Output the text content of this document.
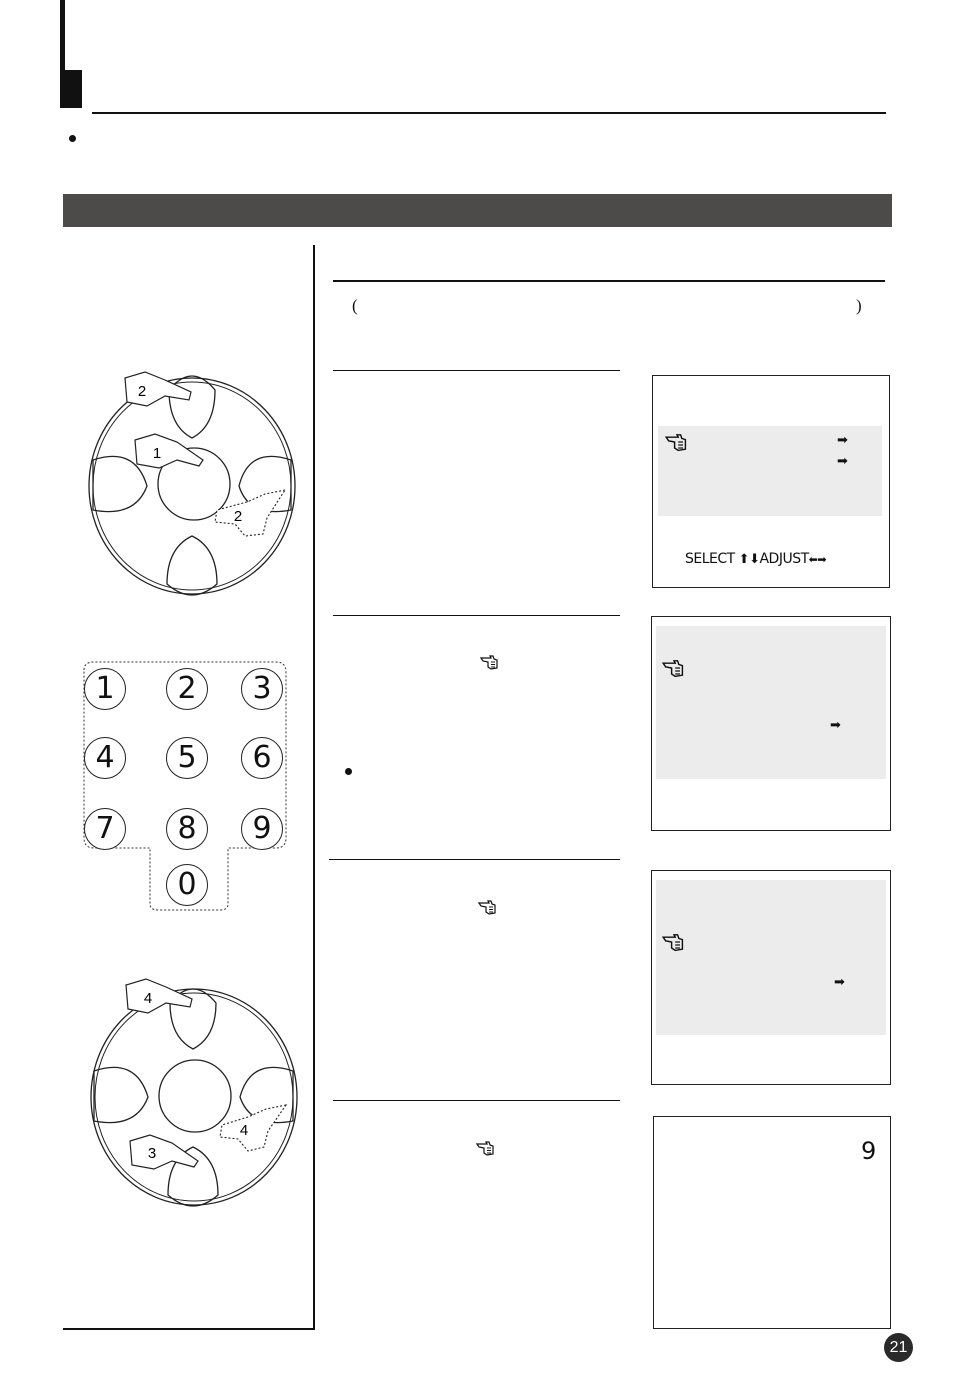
(	)
➡
➡
SELECT ⬆⬇ADJUST⬅➡
➡
➡
9
2
1
2
1	2	3
4	5	6
7	8	9
0
4
3
4
21
